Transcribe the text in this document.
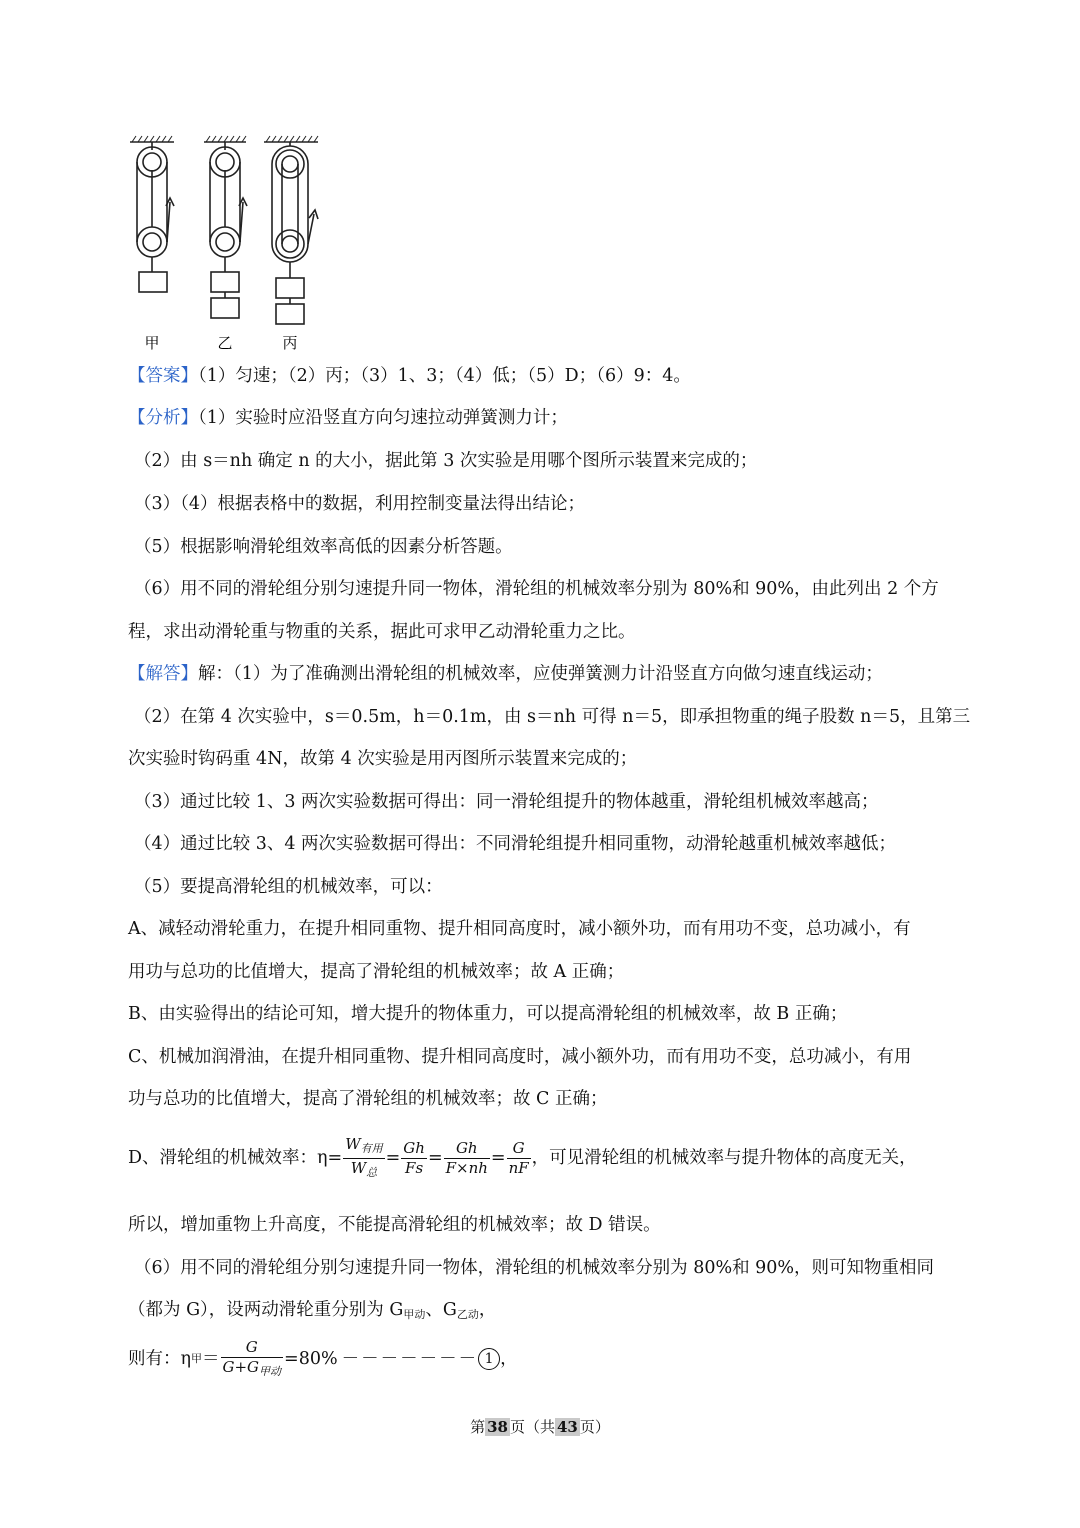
甲	乙	丙
【答案】（1）匀速；（2）丙；（3）1、3；（4）低；（5）D；（6）9：4。
【分析】（1）实验时应沿竖直方向匀速拉动弹簧测力计；
（2）由 s＝nh 确定 n 的大小，据此第 3 次实验是用哪个图所示装置来完成的；
（3）（4）根据表格中的数据，利用控制变量法得出结论；
（5）根据影响滑轮组效率高低的因素分析答题。
（6）用不同的滑轮组分别匀速提升同一物体，滑轮组的机械效率分别为 80%和 90%，由此列出 2 个方
程，求出动滑轮重与物重的关系，据此可求甲乙动滑轮重力之比。
【解答】解：（1）为了准确测出滑轮组的机械效率，应使弹簧测力计沿竖直方向做匀速直线运动；
（2）在第 4 次实验中，s＝0.5m，h＝0.1m，由 s＝nh 可得 n＝5，即承担物重的绳子股数 n＝5，且第三
次实验时钩码重 4N，故第 4 次实验是用丙图所示装置来完成的；
（3）通过比较 1、3 两次实验数据可得出：同一滑轮组提升的物体越重，滑轮组机械效率越高；
（4）通过比较 3、4 两次实验数据可得出：不同滑轮组提升相同重物，动滑轮越重机械效率越低；
（5）要提高滑轮组的机械效率，可以：
A、减轻动滑轮重力，在提升相同重物、提升相同高度时，减小额外功，而有用功不变，总功减小，有
用功与总功的比值增大，提高了滑轮组的机械效率；故 A 正确；
B、由实验得出的结论可知，增大提升的物体重力，可以提高滑轮组的机械效率，故 B 正确；
C、机械加润滑油，在提升相同重物、提升相同高度时，减小额外功，而有用功不变，总功减小，有用
功与总功的比值增大，提高了滑轮组的机械效率；故 C 正确；
D、滑轮组的机械效率：$\eta= \frac{W_{有用}}{W_总} = \frac{Gh}{Fs} = \frac{Gh}{F\times nh} = \frac{G}{nF}$ ，可见滑轮组的机械效率与提升物体的高度无关，
所以，增加重物上升高度，不能提高滑轮组的机械效率；故 D 错误。
（6）用不同的滑轮组分别匀速提升同一物体，滑轮组的机械效率分别为 80%和 90%，则可知物重相同
（都为 G），设两动滑轮重分别为 $G_{甲动}$、$G_{乙动}$，
则有：η 甲 ＝ $\frac{G}{G+G_{甲动}} =80\%$ －－－－－－－ 1 ，
第 38 页（共 43 页）
